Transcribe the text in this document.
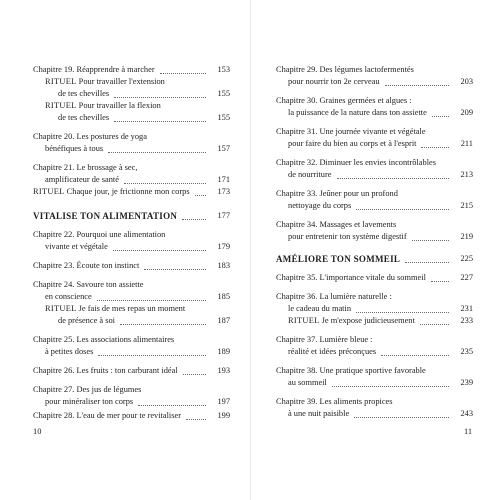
Chapitre 19. Réapprendre à marcher	153
RITUEL Pour travailler l'extension
de tes chevilles	155
RITUEL Pour travailler la flexion
de tes chevilles	155
Chapitre 20. Les postures de yoga
bénéfiques à tous	157
Chapitre 21. Le brossage à sec,
amplificateur de santé	171
RITUEL Chaque jour, je frictionne mon corps	173
VITALISE TON ALIMENTATION	177
Chapitre 22. Pourquoi une alimentation
vivante et végétale	179
Chapitre 23. Écoute ton instinct	183
Chapitre 24. Savoure ton assiette
en conscience	185
RITUEL Je fais de mes repas un moment
de présence à soi	187
Chapitre 25. Les associations alimentaires
à petites doses	189
Chapitre 26. Les fruits : ton carburant idéal	193
Chapitre 27. Des jus de légumes
pour minéraliser ton corps	197
Chapitre 28. L'eau de mer pour te revitaliser	199
Chapitre 29. Des légumes lactofermentés
pour nourrir ton 2e cerveau	203
Chapitre 30. Graines germées et algues :
la puissance de la nature dans ton assiette	209
Chapitre 31. Une journée vivante et végétale
pour faire du bien au corps et à l'esprit	211
Chapitre 32. Diminuer les envies incontrôlables
de nourriture	213
Chapitre 33. Jeûner pour un profond
nettoyage du corps	215
Chapitre 34. Massages et lavements
pour entretenir ton système digestif	219
AMÉLIORE TON SOMMEIL	225
Chapitre 35. L'importance vitale du sommeil	227
Chapitre 36. La lumière naturelle :
le cadeau du matin	231
RITUEL Je m'expose judicieusement	233
Chapitre 37. Lumière bleue :
réalité et idées préconçues	235
Chapitre 38. Une pratique sportive favorable
au sommeil	239
Chapitre 39. Les aliments propices
à une nuit paisible	243
10	11
